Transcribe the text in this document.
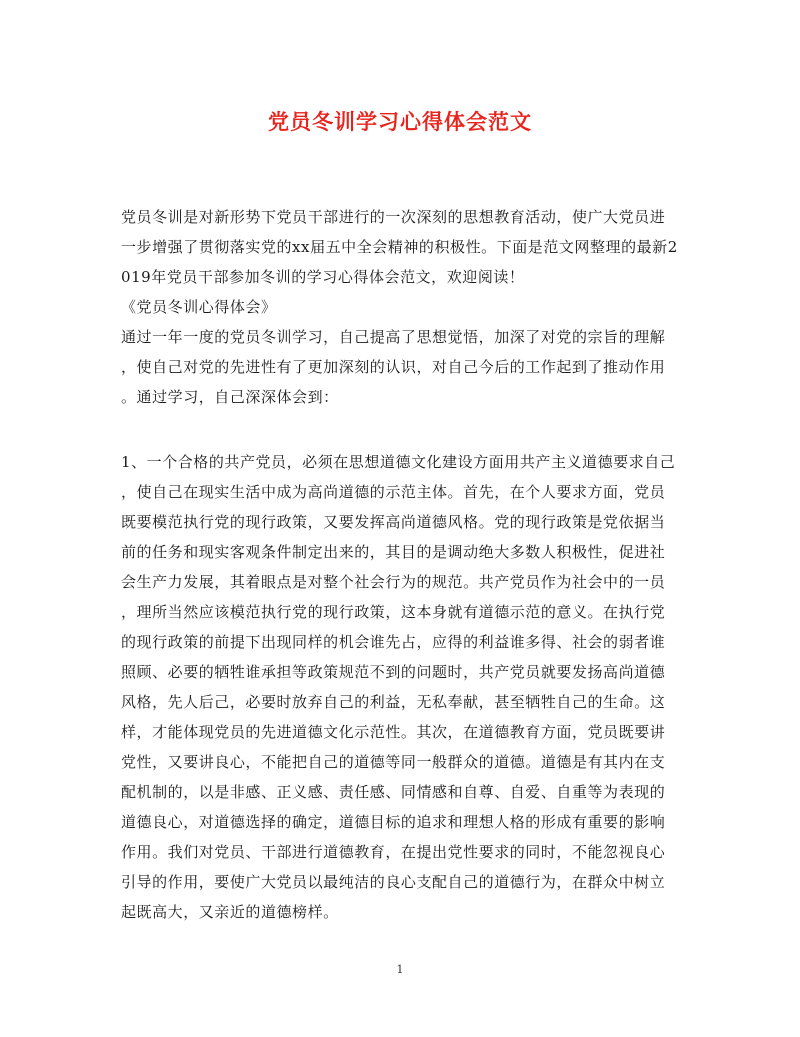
党员冬训学习心得体会范文
党员冬训是对新形势下党员干部进行的一次深刻的思想教育活动，使广大党员进
一步增强了贯彻落实党的xx届五中全会精神的积极性。下面是范文网整理的最新2
019年党员干部参加冬训的学习心得体会范文，欢迎阅读！
《党员冬训心得体会》
通过一年一度的党员冬训学习，自己提高了思想觉悟，加深了对党的宗旨的理解
，使自己对党的先进性有了更加深刻的认识，对自己今后的工作起到了推动作用
。通过学习，自己深深体会到：
1、一个合格的共产党员，必须在思想道德文化建设方面用共产主义道德要求自己
，使自己在现实生活中成为高尚道德的示范主体。首先，在个人要求方面，党员
既要模范执行党的现行政策，又要发挥高尚道德风格。党的现行政策是党依据当
前的任务和现实客观条件制定出来的，其目的是调动绝大多数人积极性，促进社
会生产力发展，其着眼点是对整个社会行为的规范。共产党员作为社会中的一员
，理所当然应该模范执行党的现行政策，这本身就有道德示范的意义。在执行党
的现行政策的前提下出现同样的机会谁先占，应得的利益谁多得、社会的弱者谁
照顾、必要的牺牲谁承担等政策规范不到的问题时，共产党员就要发扬高尚道德
风格，先人后己，必要时放弃自己的利益，无私奉献，甚至牺牲自己的生命。这
样，才能体现党员的先进道德文化示范性。其次，在道德教育方面，党员既要讲
党性，又要讲良心，不能把自己的道德等同一般群众的道德。道德是有其内在支
配机制的，以是非感、正义感、责任感、同情感和自尊、自爱、自重等为表现的
道德良心，对道德选择的确定，道德目标的追求和理想人格的形成有重要的影响
作用。我们对党员、干部进行道德教育，在提出党性要求的同时，不能忽视良心
引导的作用，要使广大党员以最纯洁的良心支配自己的道德行为，在群众中树立
起既高大，又亲近的道德榜样。
1
